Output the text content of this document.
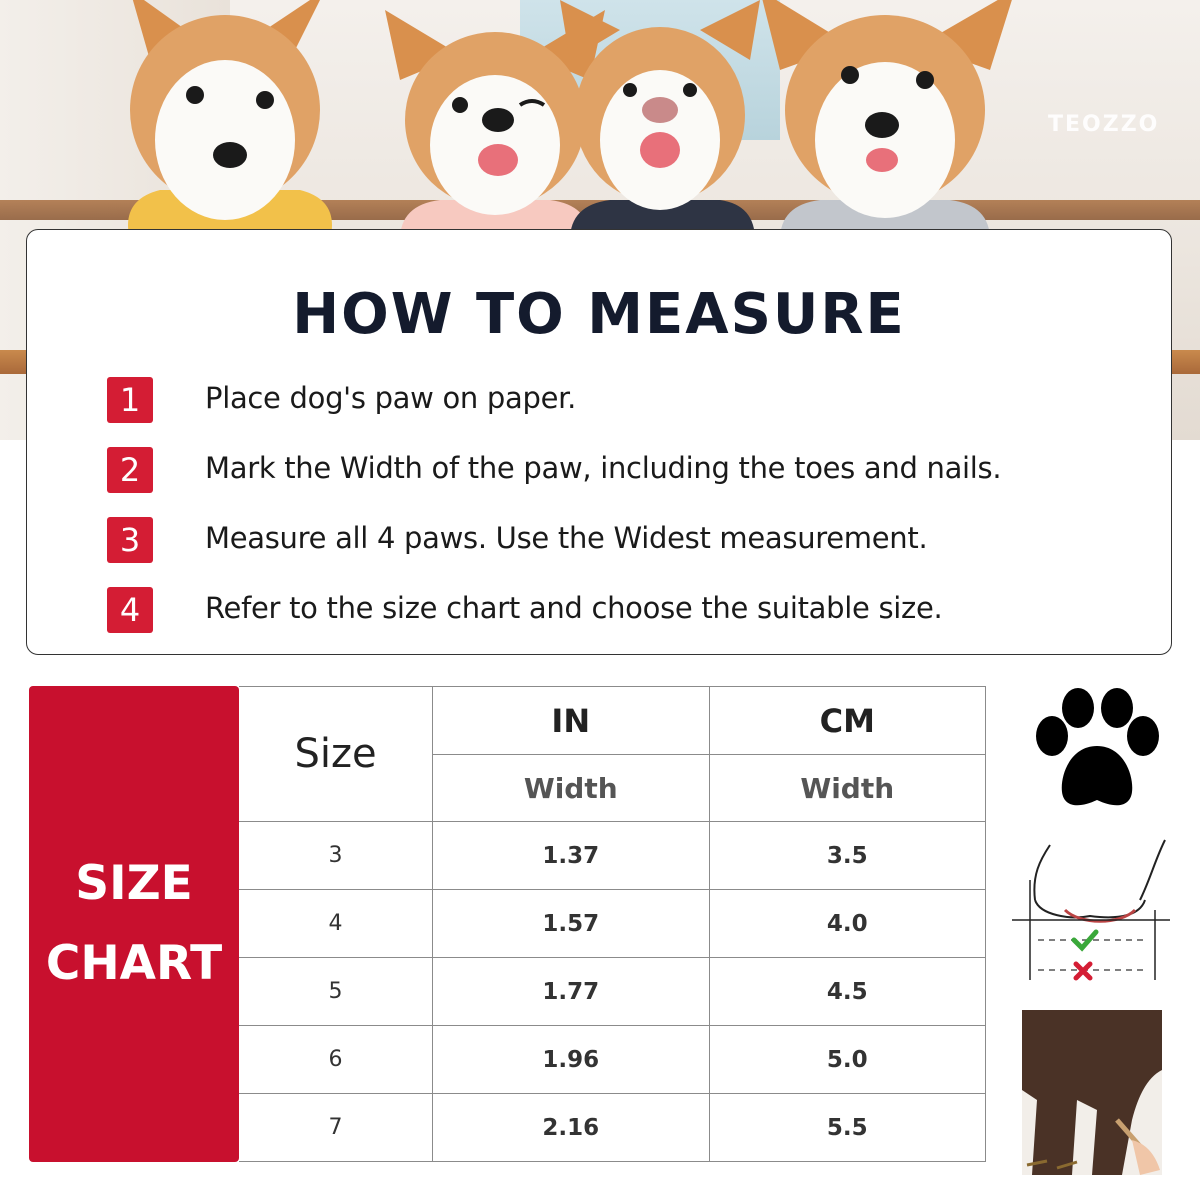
TEOZZO
HOW TO MEASURE
1	Place dog's paw on paper.
2	Mark the Width of the paw, including the toes and nails.
3	Measure all 4 paws. Use the Widest measurement.
4	Refer to the size chart and choose the suitable size.
SIZE
CHART
Size	IN	CM
	Width	Width
3	1.37	3.5
4	1.57	4.0
5	1.77	4.5
6	1.96	5.0
7	2.16	5.5
